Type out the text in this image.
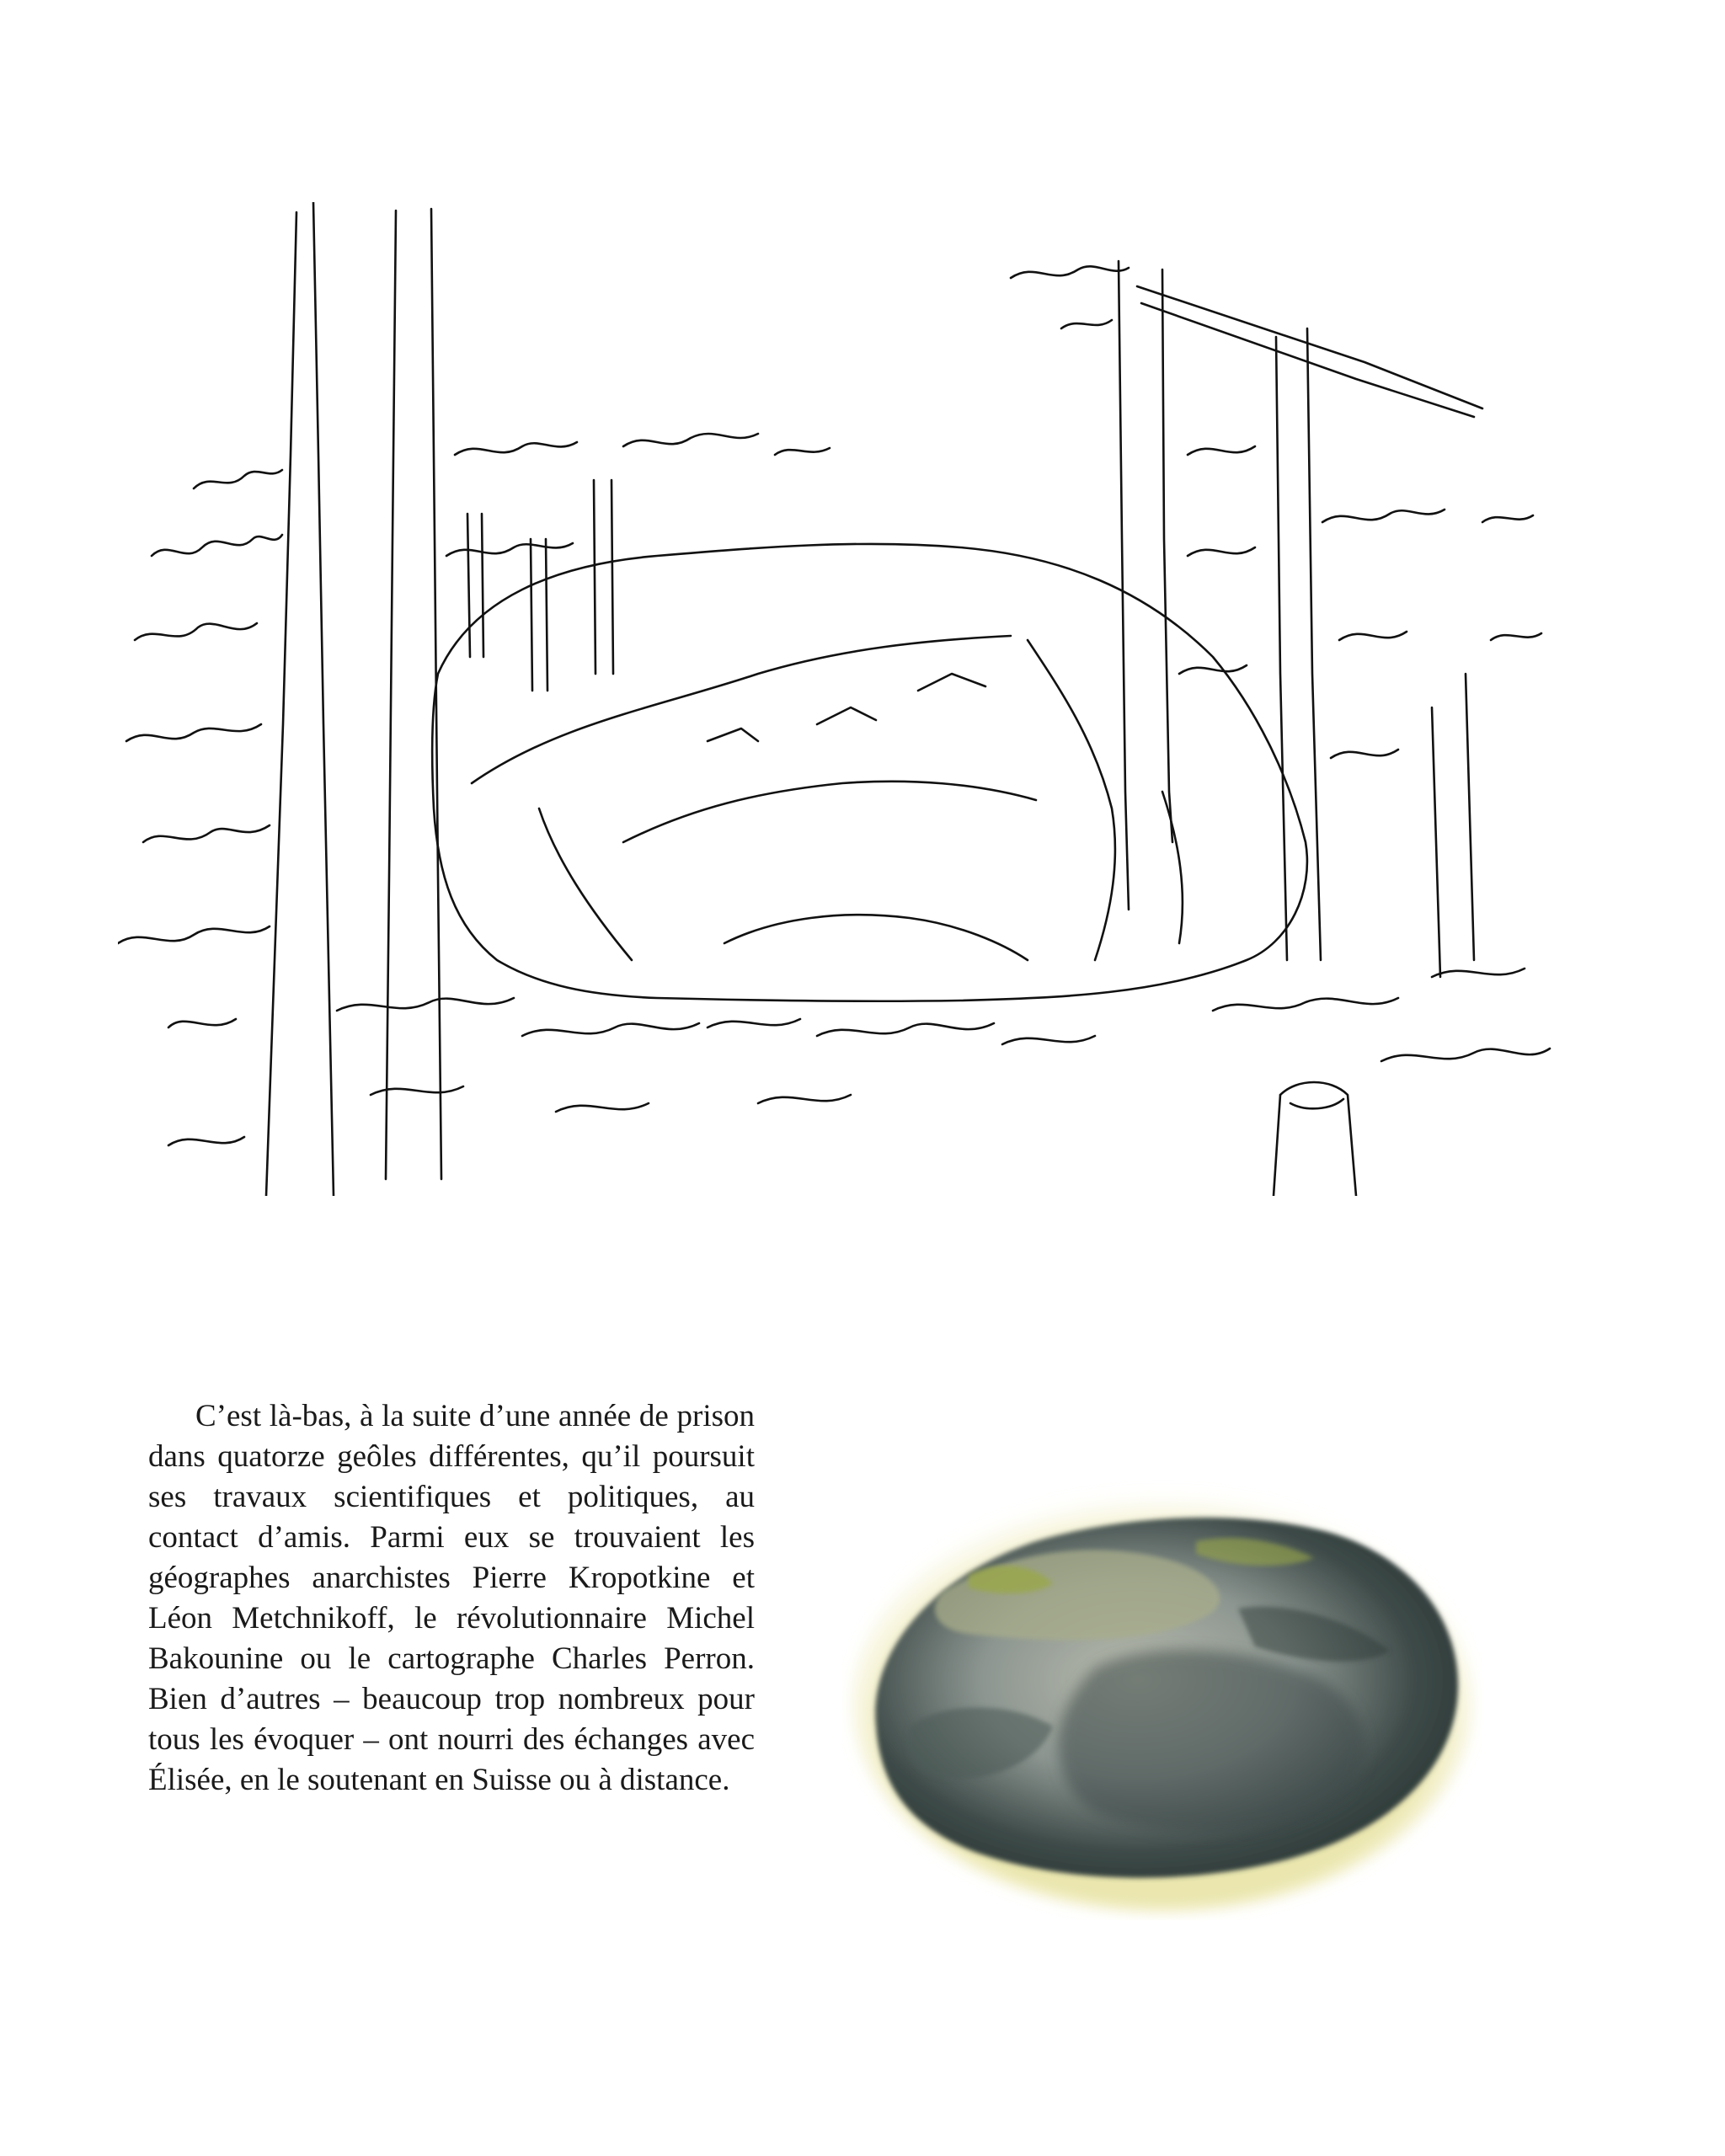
C’est là-bas, à la suite d’une année de prison dans quatorze geôles différentes, qu’il poursuit ses travaux scientifiques et politiques, au contact d’amis. Parmi eux se trouvaient les géographes anarchistes Pierre Kropotkine et Léon Metchnikoff, le révolutionnaire Michel Bakounine ou le cartographe Charles Perron. Bien d’autres – beaucoup trop nombreux pour tous les évoquer – ont nourri des échanges avec Élisée, en le soutenant en Suisse ou à distance.
